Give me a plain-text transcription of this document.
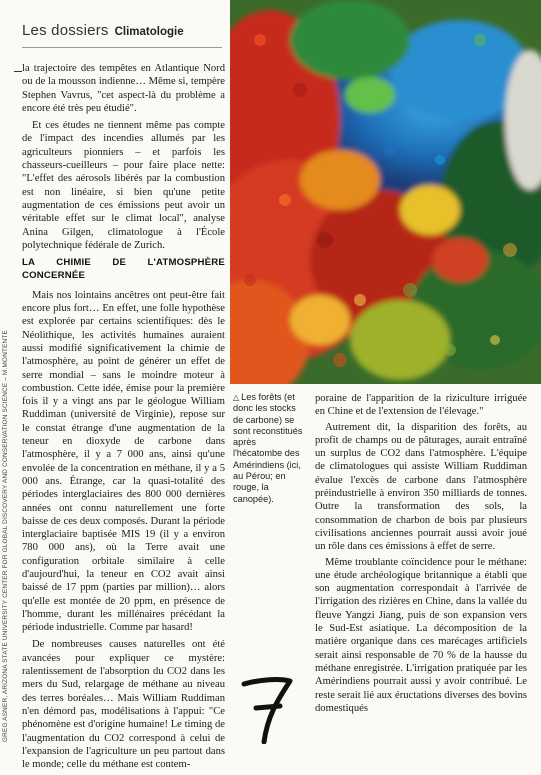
Les dossiers Climatologie

la trajectoire des tempêtes en Atlantique Nord ou de la mousson indienne… Même si, tempère Stephen Vavrus, "cet aspect-là du problème a encore été très peu étudié".

Et ces études ne tiennent même pas compte de l'impact des incendies allumés par les agriculteurs pionniers – et parfois les chasseurs-cueilleurs – pour faire place nette: "L'effet des aérosols libérés par la combustion est non linéaire, si bien qu'une petite augmentation de ces émissions peut avoir un véritable effet sur le climat local", analyse Anina Gilgen, climatologue à l'École polytechnique fédérale de Zurich.

LA CHIMIE DE L'ATMOSPHÈRE CONCERNÉE

Mais nos lointains ancêtres ont peut-être fait encore plus fort… En effet, une folle hypothèse est explorée par certains scientifiques: dès le Néolithique, les activités humaines auraient aussi modifié significativement la chimie de l'atmosphère, au point de générer un effet de serre mondial – sans le moindre moteur à combustion. Cette idée, émise pour la première fois il y a vingt ans par le géologue William Ruddiman (université de Virginie), repose sur le constat étrange d'une augmentation de la teneur en dioxyde de carbone dans l'atmosphère, il y a 7 000 ans, ainsi qu'une envolée de la concentration en méthane, il y a 5 000 ans. Étrange, car la quasi-totalité des périodes interglaciaires des 800 000 dernières années ont connu naturellement une forte baisse de ces deux composés. Durant la période interglaciaire baptisée MIS 19 (il y a environ 780 000 ans), où la Terre avait une configuration orbitale similaire à celle d'aujourd'hui, la teneur en CO2 avait ainsi baissé de 17 ppm (parties par million)… alors qu'elle est montée de 20 ppm, en présence de l'homme, durant les millénaires précédant la période industrielle. Comme par hasard!

De nombreuses causes naturelles ont été avancées pour expliquer ce mystère: ralentissement de l'absorption du CO2 dans les mers du Sud, relargage de méthane au niveau des terres boréales… Mais William Ruddiman n'en démord pas, modélisations à l'appui: "Ce phénomène est d'origine humaine! Le timing de l'augmentation du CO2 correspond à celui de l'expansion de l'agriculture un peu partout dans le monde; celle du méthane est contem-

△ Les forêts (et donc les stocks de carbone) se sont reconstitués après l'hécatombe des Amérindiens (ici, au Pérou; en rouge, la canopée).

poraine de l'apparition de la riziculture irriguée en Chine et de l'extension de l'élevage."

Autrement dit, la disparition des forêts, au profit de champs ou de pâturages, aurait entraîné un surplus de CO2 dans l'atmosphère. L'équipe de climatologues qui assiste William Ruddiman évalue l'excès de carbone dans l'atmosphère préindustrielle à environ 350 milliards de tonnes. Outre la transformation des sols, la consommation de charbon de bois par plusieurs civilisations anciennes pourrait aussi avoir joué un rôle dans ces émissions à effet de serre.

Même troublante coïncidence pour le méthane: une étude archéologique britannique a établi que son augmentation correspondait à l'arrivée de l'irrigation des rizières en Chine, dans la vallée du fleuve Yangzi Jiang, puis de son expansion vers le Sud-Est asiatique. La décomposition de la matière organique dans ces marécages artificiels serait ainsi responsable de 70 % de la hausse du méthane enregistrée. L'irrigation pratiquée par les Amérindiens pourrait aussi y avoir contribué. Le reste serait lié aux éructations diverses des bovins domestiqués

GREG ASNER, ARIZONA STATE UNIVERSITY CENTER FOR GLOBAL DISCOVERY AND CONSERVATION SCIENCE – M.MONTENTE
